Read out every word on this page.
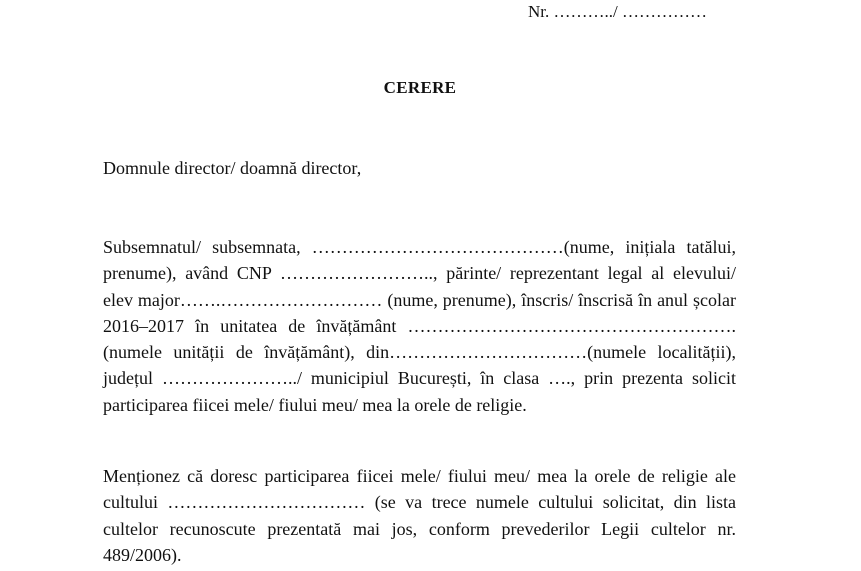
Nr. ………../ ……………
CERERE
Domnule director/ doamnă director,

Subsemnatul/ subsemnata, ……………………………………(nume, inițiala tatălui, prenume), având CNP …………………….., părinte/ reprezentant legal al elevului/ elev major…….……………………… (nume, prenume), înscris/ înscrisă în anul școlar 2016–2017 în unitatea de învățământ ……………………………………………….(numele unității de învățământ), din……………………………(numele localității), județul …………………../ municipiul București, în clasa …., prin prezenta solicit participarea fiicei mele/ fiului meu/ mea la orele de religie.

Menționez că doresc participarea fiicei mele/ fiului meu/ mea la orele de religie ale cultului …………………………… (se va trece numele cultului solicitat, din lista cultelor recunoscute prezentată mai jos, conform prevederilor Legii cultelor nr. 489/2006).
